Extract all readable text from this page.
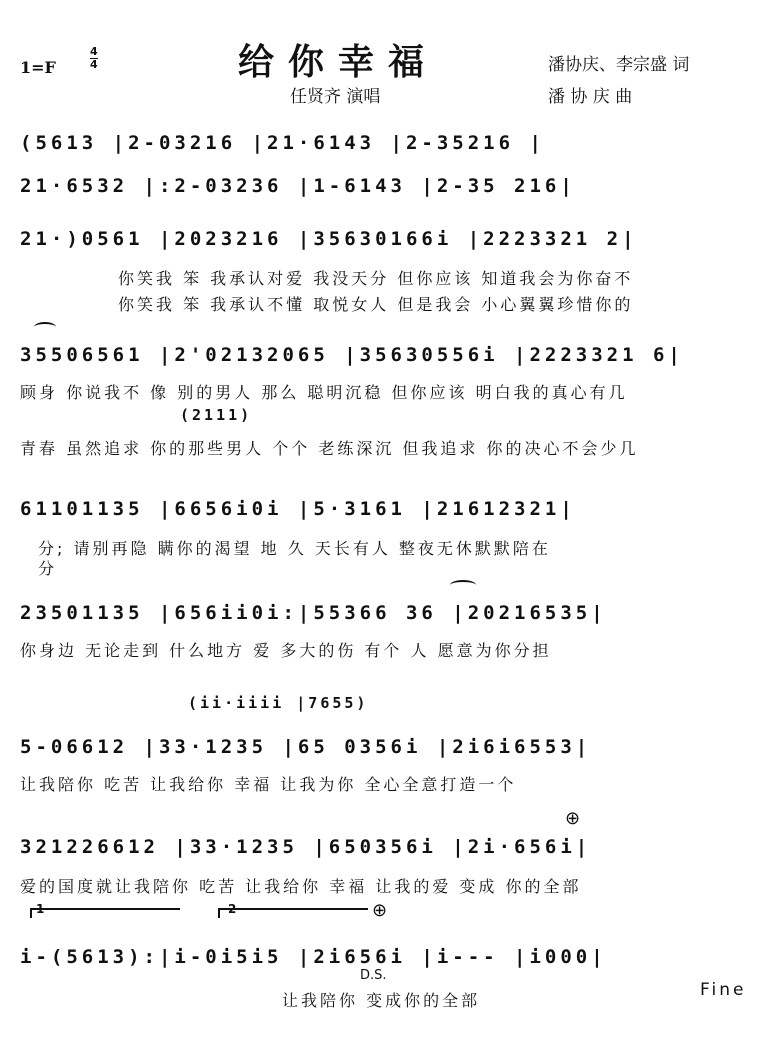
1=F
4
4	给你幸福	潘协庆、李宗盛 词
任贤齐 演唱	潘 协 庆 曲
(5613 |2-03216 |21·6143 |2-35216 |
21·6532 |:2-03236 |1-6143 |2-35 216|
21·)0561 |2023216 |35630166i |2223321 2|
你笑我 笨 我承认对爱 我没天分 但你应该 知道我会为你奋不
你笑我 笨 我承认不懂 取悦女人 但是我会 小心翼翼珍惜你的
35506561 |2'02132065 |35630556i |2223321 6|
顾身 你说我不 像 别的男人 那么 聪明沉稳 但你应该 明白我的真心有几
(2111)
青春 虽然追求 你的那些男人 个个 老练深沉 但我追求 你的决心不会少几
61101135 |6656i0i |5·3161 |21612321|
分; 请别再隐 瞒你的渴望 地 久 天长有人 整夜无休默默陪在
分
23501135 |656ii0i:|55366 36 |20216535|
你身边 无论走到 什么地方 爱 多大的伤 有个 人 愿意为你分担
(ii·iiii |7655)
5-06612 |33·1235 |65 0356i |2i6i6553|
让我陪你 吃苦 让我给你 幸福 让我为你 全心全意打造一个
⊕
321226612 |33·1235 |650356i |2i·656i|
爱的国度就让我陪你 吃苦 让我给你 幸福 让我的爱 变成 你的全部
1	2	⊕
i-(5613):|i-0i5i5 |2i656i |i--- |i000|
D.S.
让我陪你 变成你的全部
Fine
